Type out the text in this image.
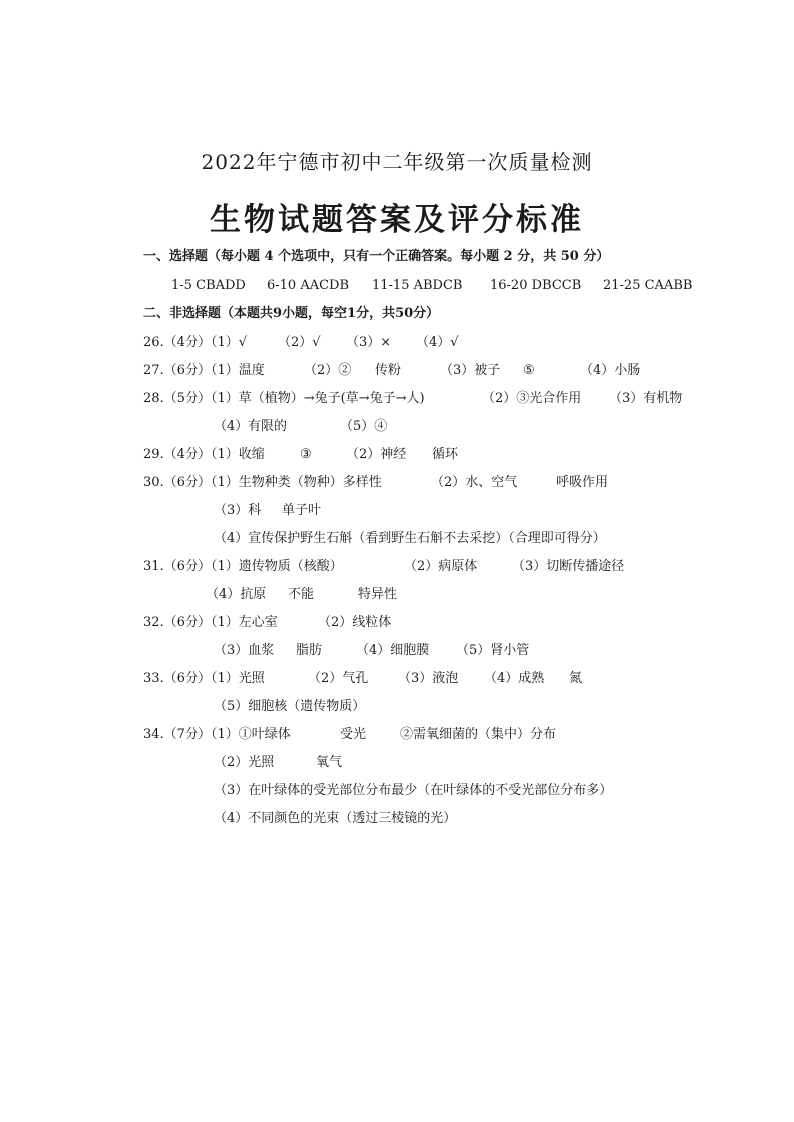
2022年宁德市初中二年级第一次质量检测
生物试题答案及评分标准
一、选择题（每小题 4 个选项中，只有一个正确答案。每小题 2 分，共 50 分）
1-5 CBADD 6-10 AACDB 11-15 ABDCB 16-20 DBCCB 21-25 CAABB
二、非选择题（本题共9小题，每空1分，共50分）
26.（4分）（1）√ （2）√ （3）× （4）√
27.（6分）（1）温度	（2）② 传粉	（3）被子 ⑤	（4）小肠
28.（5分）（1）草（植物）→兔子(草→兔子→人)	（2）③光合作用 （3）有机物
（4） 有限的	（5）④
29.（4分）（1）收缩	③	（2）神经 循环
30.（6分）（1）生物种类（物种）多样性	（2）水、空气	呼吸作用
（3）科 单子叶
（4）宣传保护野生石斛（看到野生石斛不去采挖）（合理即可得分）
31.（6分）（1）遗传物质（核酸）	（2）病原体	（3）切断传播途径
（4）抗原 不能	特异性
32.（6分）（1）左心室	（2）线粒体
（3）血浆 脂肪	（4）细胞膜 （5）肾小管
33.（6分）（1）光照	（2）气孔 （3）液泡 （4）成熟 氮
（5）细胞核（遗传物质）
34.（7分）（1）①叶绿体	受光	②需氧细菌的（集中）分布
（2）光照	氧气
（3）在叶绿体的受光部位分布最少（在叶绿体的不受光部位分布多）
（4）不同颜色的光束（透过三棱镜的光）
